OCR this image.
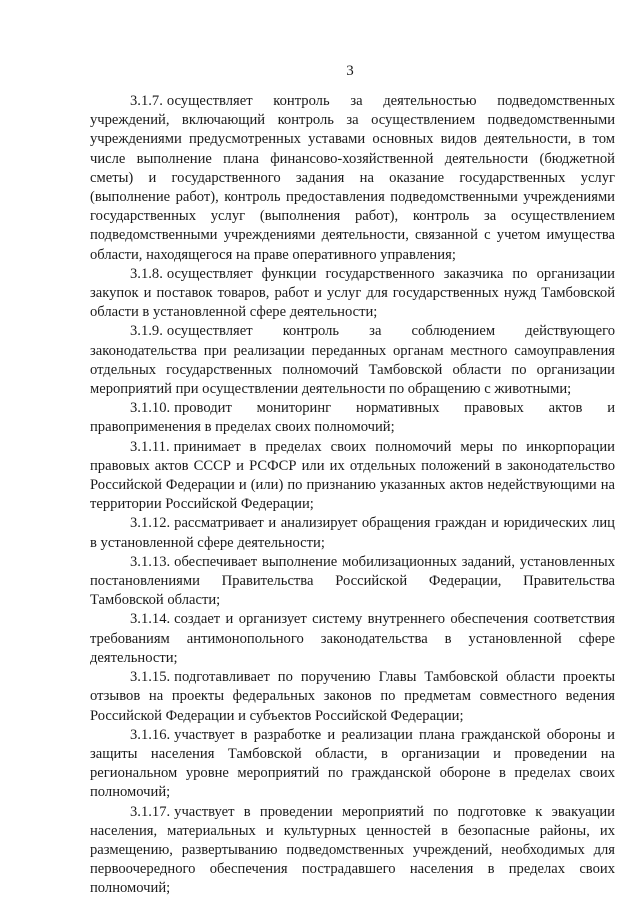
3

3.1.7. осуществляет контроль за деятельностью подведомственных учреждений, включающий контроль за осуществлением подведомственными учреждениями предусмотренных уставами основных видов деятельности, в том числе выполнение плана финансово-хозяйственной деятельности (бюджетной сметы) и государственного задания на оказание государственных услуг (выполнение работ), контроль предоставления подведомственными учреждениями государственных услуг (выполнения работ), контроль за осуществлением подведомственными учреждениями деятельности, связанной с учетом имущества области, находящегося на праве оперативного управления;

3.1.8. осуществляет функции государственного заказчика по организации закупок и поставок товаров, работ и услуг для государственных нужд Тамбовской области в установленной сфере деятельности;

3.1.9. осуществляет контроль за соблюдением действующего законодательства при реализации переданных органам местного самоуправления отдельных государственных полномочий Тамбовской области по организации мероприятий при осуществлении деятельности по обращению с животными;

3.1.10. проводит мониторинг нормативных правовых актов и правоприменения в пределах своих полномочий;

3.1.11. принимает в пределах своих полномочий меры по инкорпорации правовых актов СССР и РСФСР или их отдельных положений в законодательство Российской Федерации и (или) по признанию указанных актов недействующими на территории Российской Федерации;

3.1.12. рассматривает и анализирует обращения граждан и юридических лиц в установленной сфере деятельности;

3.1.13. обеспечивает выполнение мобилизационных заданий, установленных постановлениями Правительства Российской Федерации, Правительства Тамбовской области;

3.1.14. создает и организует систему внутреннего обеспечения соответствия требованиям антимонопольного законодательства в установленной сфере деятельности;

3.1.15. подготавливает по поручению Главы Тамбовской области проекты отзывов на проекты федеральных законов по предметам совместного ведения Российской Федерации и субъектов Российской Федерации;

3.1.16. участвует в разработке и реализации плана гражданской обороны и защиты населения Тамбовской области, в организации и проведении на региональном уровне мероприятий по гражданской обороне в пределах своих полномочий;

3.1.17. участвует в проведении мероприятий по подготовке к эвакуации населения, материальных и культурных ценностей в безопасные районы, их размещению, развертыванию подведомственных учреждений, необходимых для первоочередного обеспечения пострадавшего населения в пределах своих полномочий;
